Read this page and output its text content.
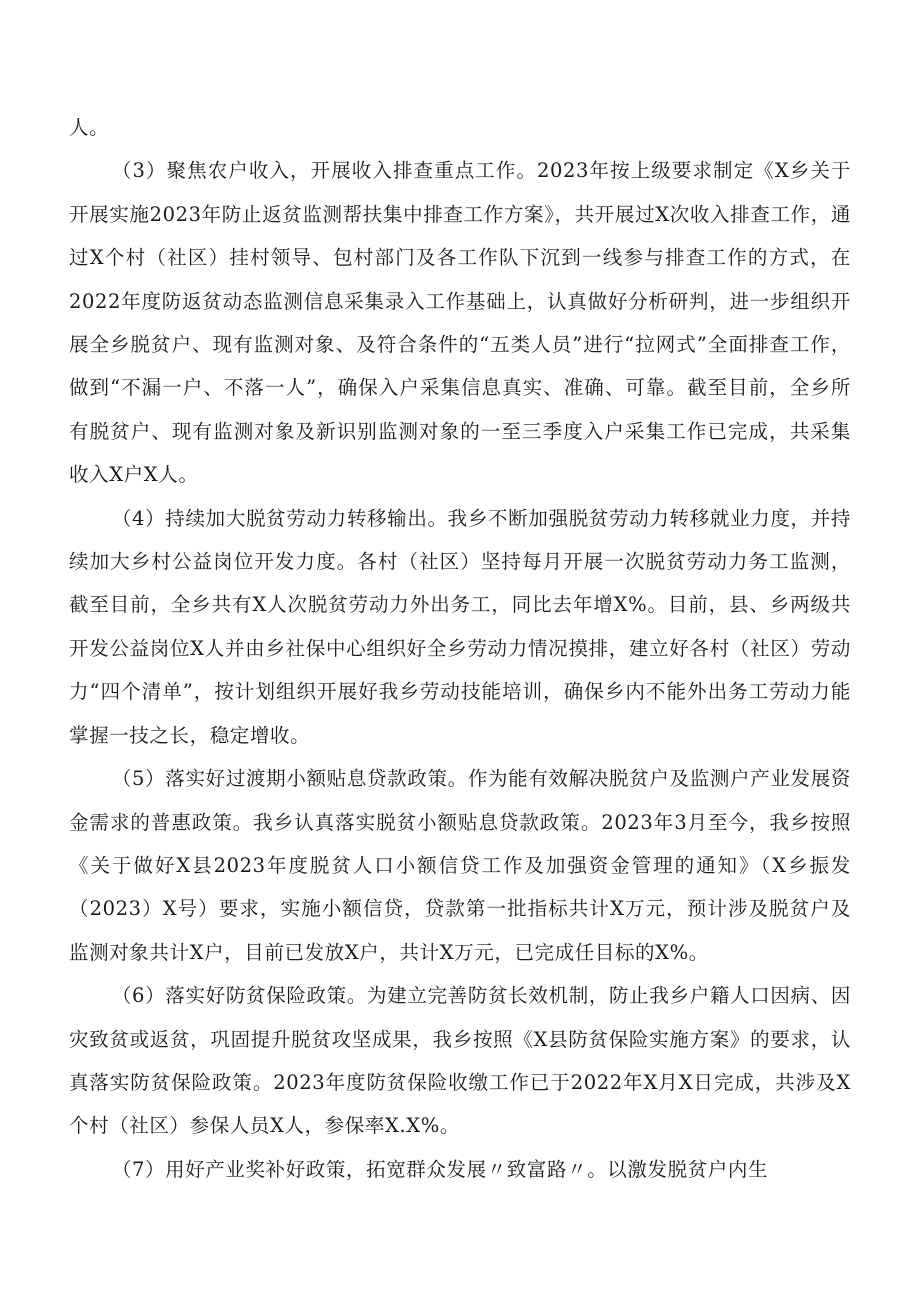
人。

（3）聚焦农户收入，开展收入排查重点工作。2023年按上级要求制定《X乡关于开展实施2023年防止返贫监测帮扶集中排查工作方案》，共开展过X次收入排查工作，通过X个村（社区）挂村领导、包村部门及各工作队下沉到一线参与排查工作的方式，在2022年度防返贫动态监测信息采集录入工作基础上，认真做好分析研判，进一步组织开展全乡脱贫户、现有监测对象、及符合条件的“五类人员”进行“拉网式”全面排查工作，做到“不漏一户、不落一人”，确保入户采集信息真实、准确、可靠。截至目前，全乡所有脱贫户、现有监测对象及新识别监测对象的一至三季度入户采集工作已完成，共采集收入X户X人。

（4）持续加大脱贫劳动力转移输出。我乡不断加强脱贫劳动力转移就业力度，并持续加大乡村公益岗位开发力度。各村（社区）坚持每月开展一次脱贫劳动力务工监测，截至目前，全乡共有X人次脱贫劳动力外出务工，同比去年增X%。目前，县、乡两级共开发公益岗位X人并由乡社保中心组织好全乡劳动力情况摸排，建立好各村（社区）劳动力“四个清单”，按计划组织开展好我乡劳动技能培训，确保乡内不能外出务工劳动力能掌握一技之长，稳定增收。

（5）落实好过渡期小额贴息贷款政策。作为能有效解决脱贫户及监测户产业发展资金需求的普惠政策。我乡认真落实脱贫小额贴息贷款政策。2023年3月至今，我乡按照《关于做好X县2023年度脱贫人口小额信贷工作及加强资金管理的通知》（X乡振发（2023）X号）要求，实施小额信贷，贷款第一批指标共计X万元，预计涉及脱贫户及监测对象共计X户，目前已发放X户，共计X万元，已完成任目标的X%。

（6）落实好防贫保险政策。为建立完善防贫长效机制，防止我乡户籍人口因病、因灾致贫或返贫，巩固提升脱贫攻坚成果，我乡按照《X县防贫保险实施方案》的要求，认真落实防贫保险政策。2023年度防贫保险收缴工作已于2022年X月X日完成，共涉及X个村（社区）参保人员X人，参保率X.X%。

（7）用好产业奖补好政策，拓宽群众发展〃致富路〃。以激发脱贫户内生
